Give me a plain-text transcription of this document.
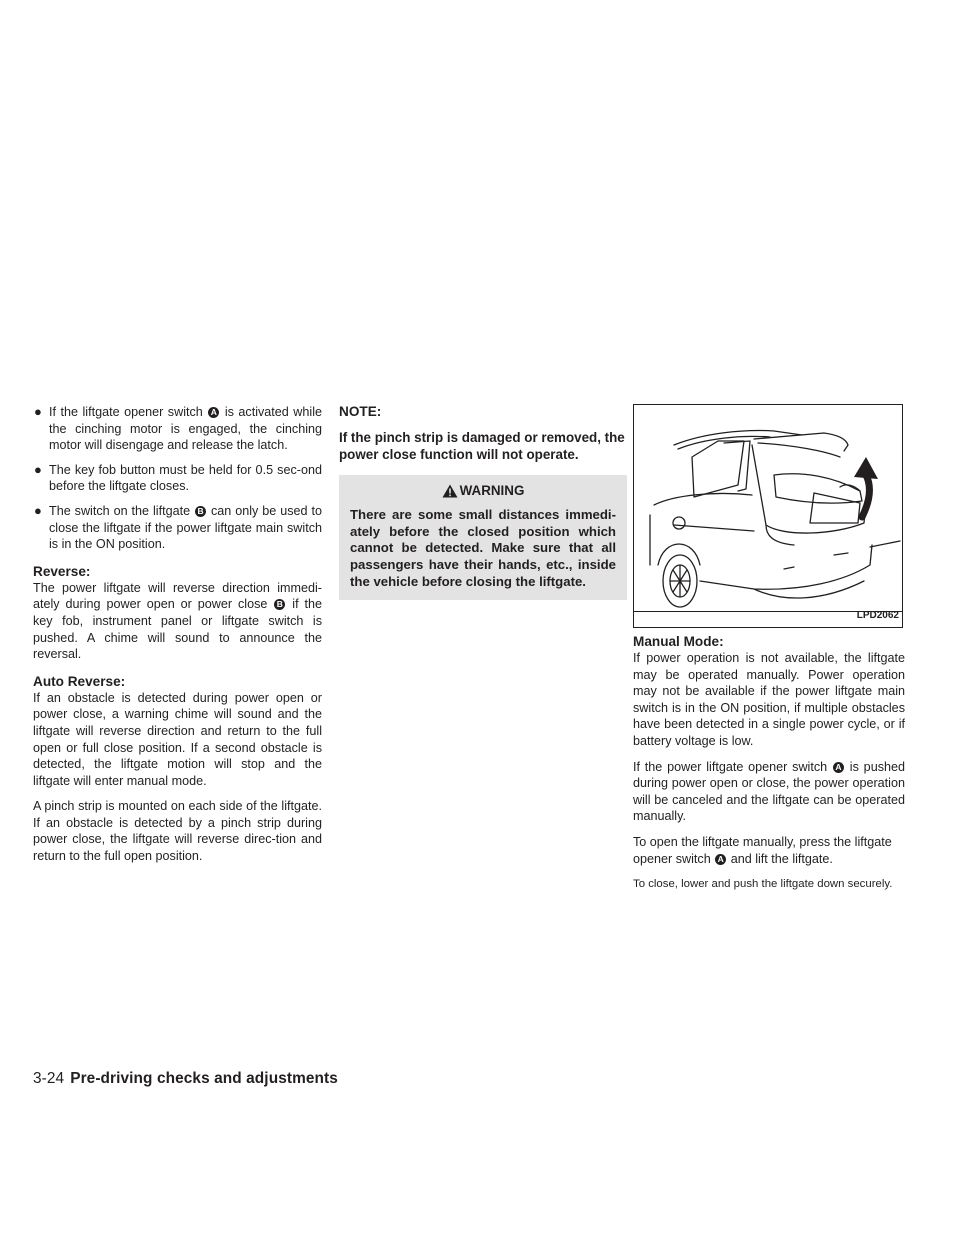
● If the liftgate opener switch A is activated while the cinching motor is engaged, the cinching motor will disengage and release the latch.
● The key fob button must be held for 0.5 sec-ond before the liftgate closes.
● The switch on the liftgate B can only be used to close the liftgate if the power liftgate main switch is in the ON position.
Reverse:

The power liftgate will reverse direction immedi-ately during power open or power close B if the key fob, instrument panel or liftgate switch is pushed. A chime will sound to announce the reversal.

Auto Reverse:

If an obstacle is detected during power open or power close, a warning chime will sound and the liftgate will reverse direction and return to the full open or full close position. If a second obstacle is detected, the liftgate motion will stop and the liftgate will enter manual mode.

A pinch strip is mounted on each side of the liftgate. If an obstacle is detected by a pinch strip during power close, the liftgate will reverse direc-tion and return to the full open position.

NOTE:
If the pinch strip is damaged or removed, the power close function will not operate.
WARNING
There are some small distances immedi-ately before the closed position which cannot be detected. Make sure that all passengers have their hands, etc., inside the vehicle before closing the liftgate.
LPD2062
Manual Mode:

If power operation is not available, the liftgate may be operated manually. Power operation may not be available if the power liftgate main switch is in the ON position, if multiple obstacles have been detected in a single power cycle, or if battery voltage is low.

If the power liftgate opener switch A is pushed during power open or close, the power operation will be canceled and the liftgate can be operated manually.

To open the liftgate manually, press the liftgate opener switch A and lift the liftgate.

To close, lower and push the liftgate down securely.

3-24 Pre-driving checks and adjustments
